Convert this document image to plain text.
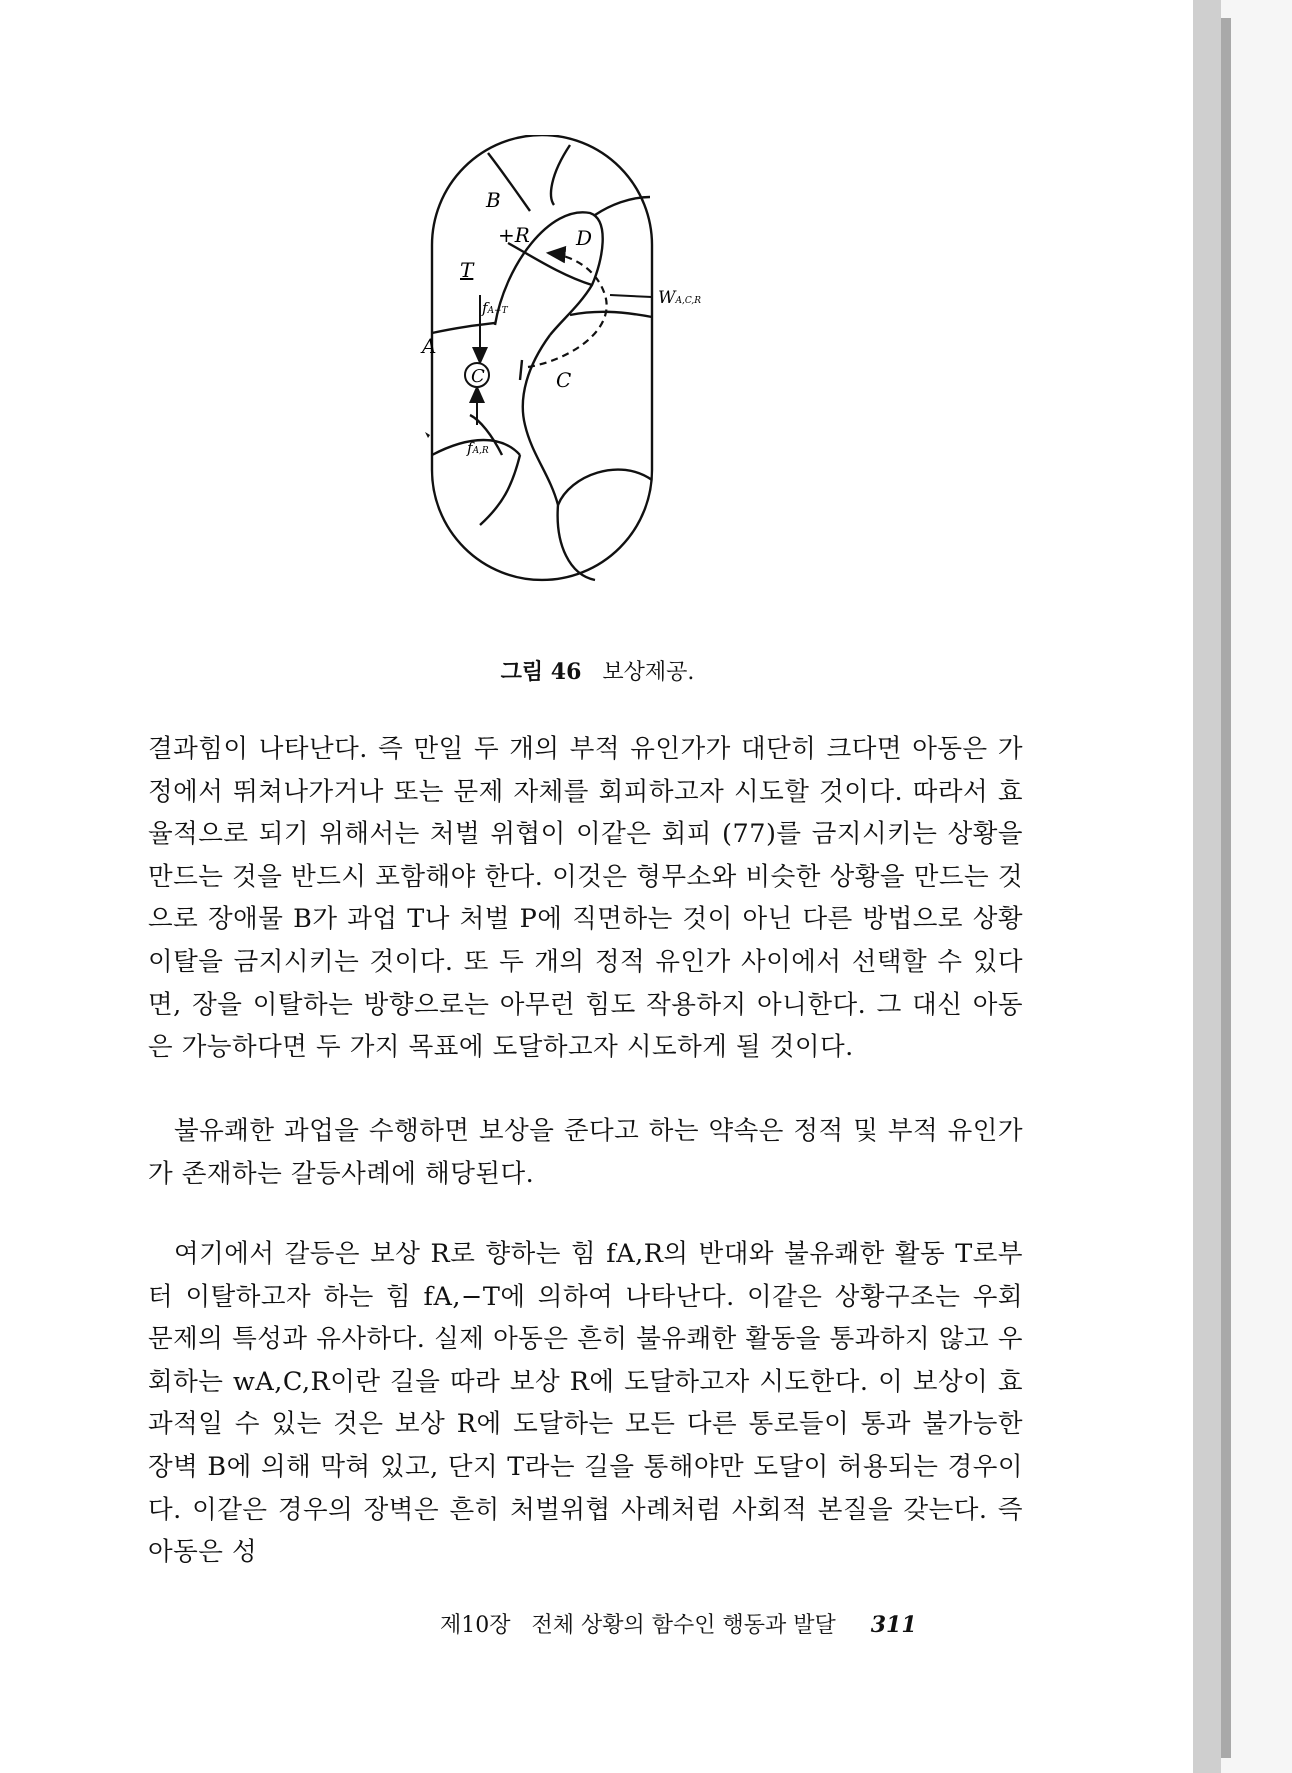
B
+R D
T
WA,C,R
fA−T
A
C	C
fA,R
그림 46 보상제공.

결과힘이 나타난다. 즉 만일 두 개의 부적 유인가가 대단히 크다면 아동은 가정에서 뛰쳐나가거나 또는 문제 자체를 회피하고자 시도할 것이다. 따라서 효율적으로 되기 위해서는 처벌 위협이 이같은 회피 (77)를 금지시키는 상황을 만드는 것을 반드시 포함해야 한다. 이것은 형무소와 비슷한 상황을 만드는 것으로 장애물 B가 과업 T나 처벌 P에 직면하는 것이 아닌 다른 방법으로 상황이탈을 금지시키는 것이다. 또 두 개의 정적 유인가 사이에서 선택할 수 있다면, 장을 이탈하는 방향으로는 아무런 힘도 작용하지 아니한다. 그 대신 아동은 가능하다면 두 가지 목표에 도달하고자 시도하게 될 것이다.

불유쾌한 과업을 수행하면 보상을 준다고 하는 약속은 정적 및 부적 유인가가 존재하는 갈등사례에 해당된다.

여기에서 갈등은 보상 R로 향하는 힘 fA,R의 반대와 불유쾌한 활동 T로부터 이탈하고자 하는 힘 fA,−T에 의하여 나타난다. 이같은 상황구조는 우회 문제의 특성과 유사하다. 실제 아동은 흔히 불유쾌한 활동을 통과하지 않고 우회하는 wA,C,R이란 길을 따라 보상 R에 도달하고자 시도한다. 이 보상이 효과적일 수 있는 것은 보상 R에 도달하는 모든 다른 통로들이 통과 불가능한 장벽 B에 의해 막혀 있고, 단지 T라는 길을 통해야만 도달이 허용되는 경우이다. 이같은 경우의 장벽은 흔히 처벌위협 사례처럼 사회적 본질을 갖는다. 즉 아동은 성

제10장 전체 상황의 함수인 행동과 발달 311
